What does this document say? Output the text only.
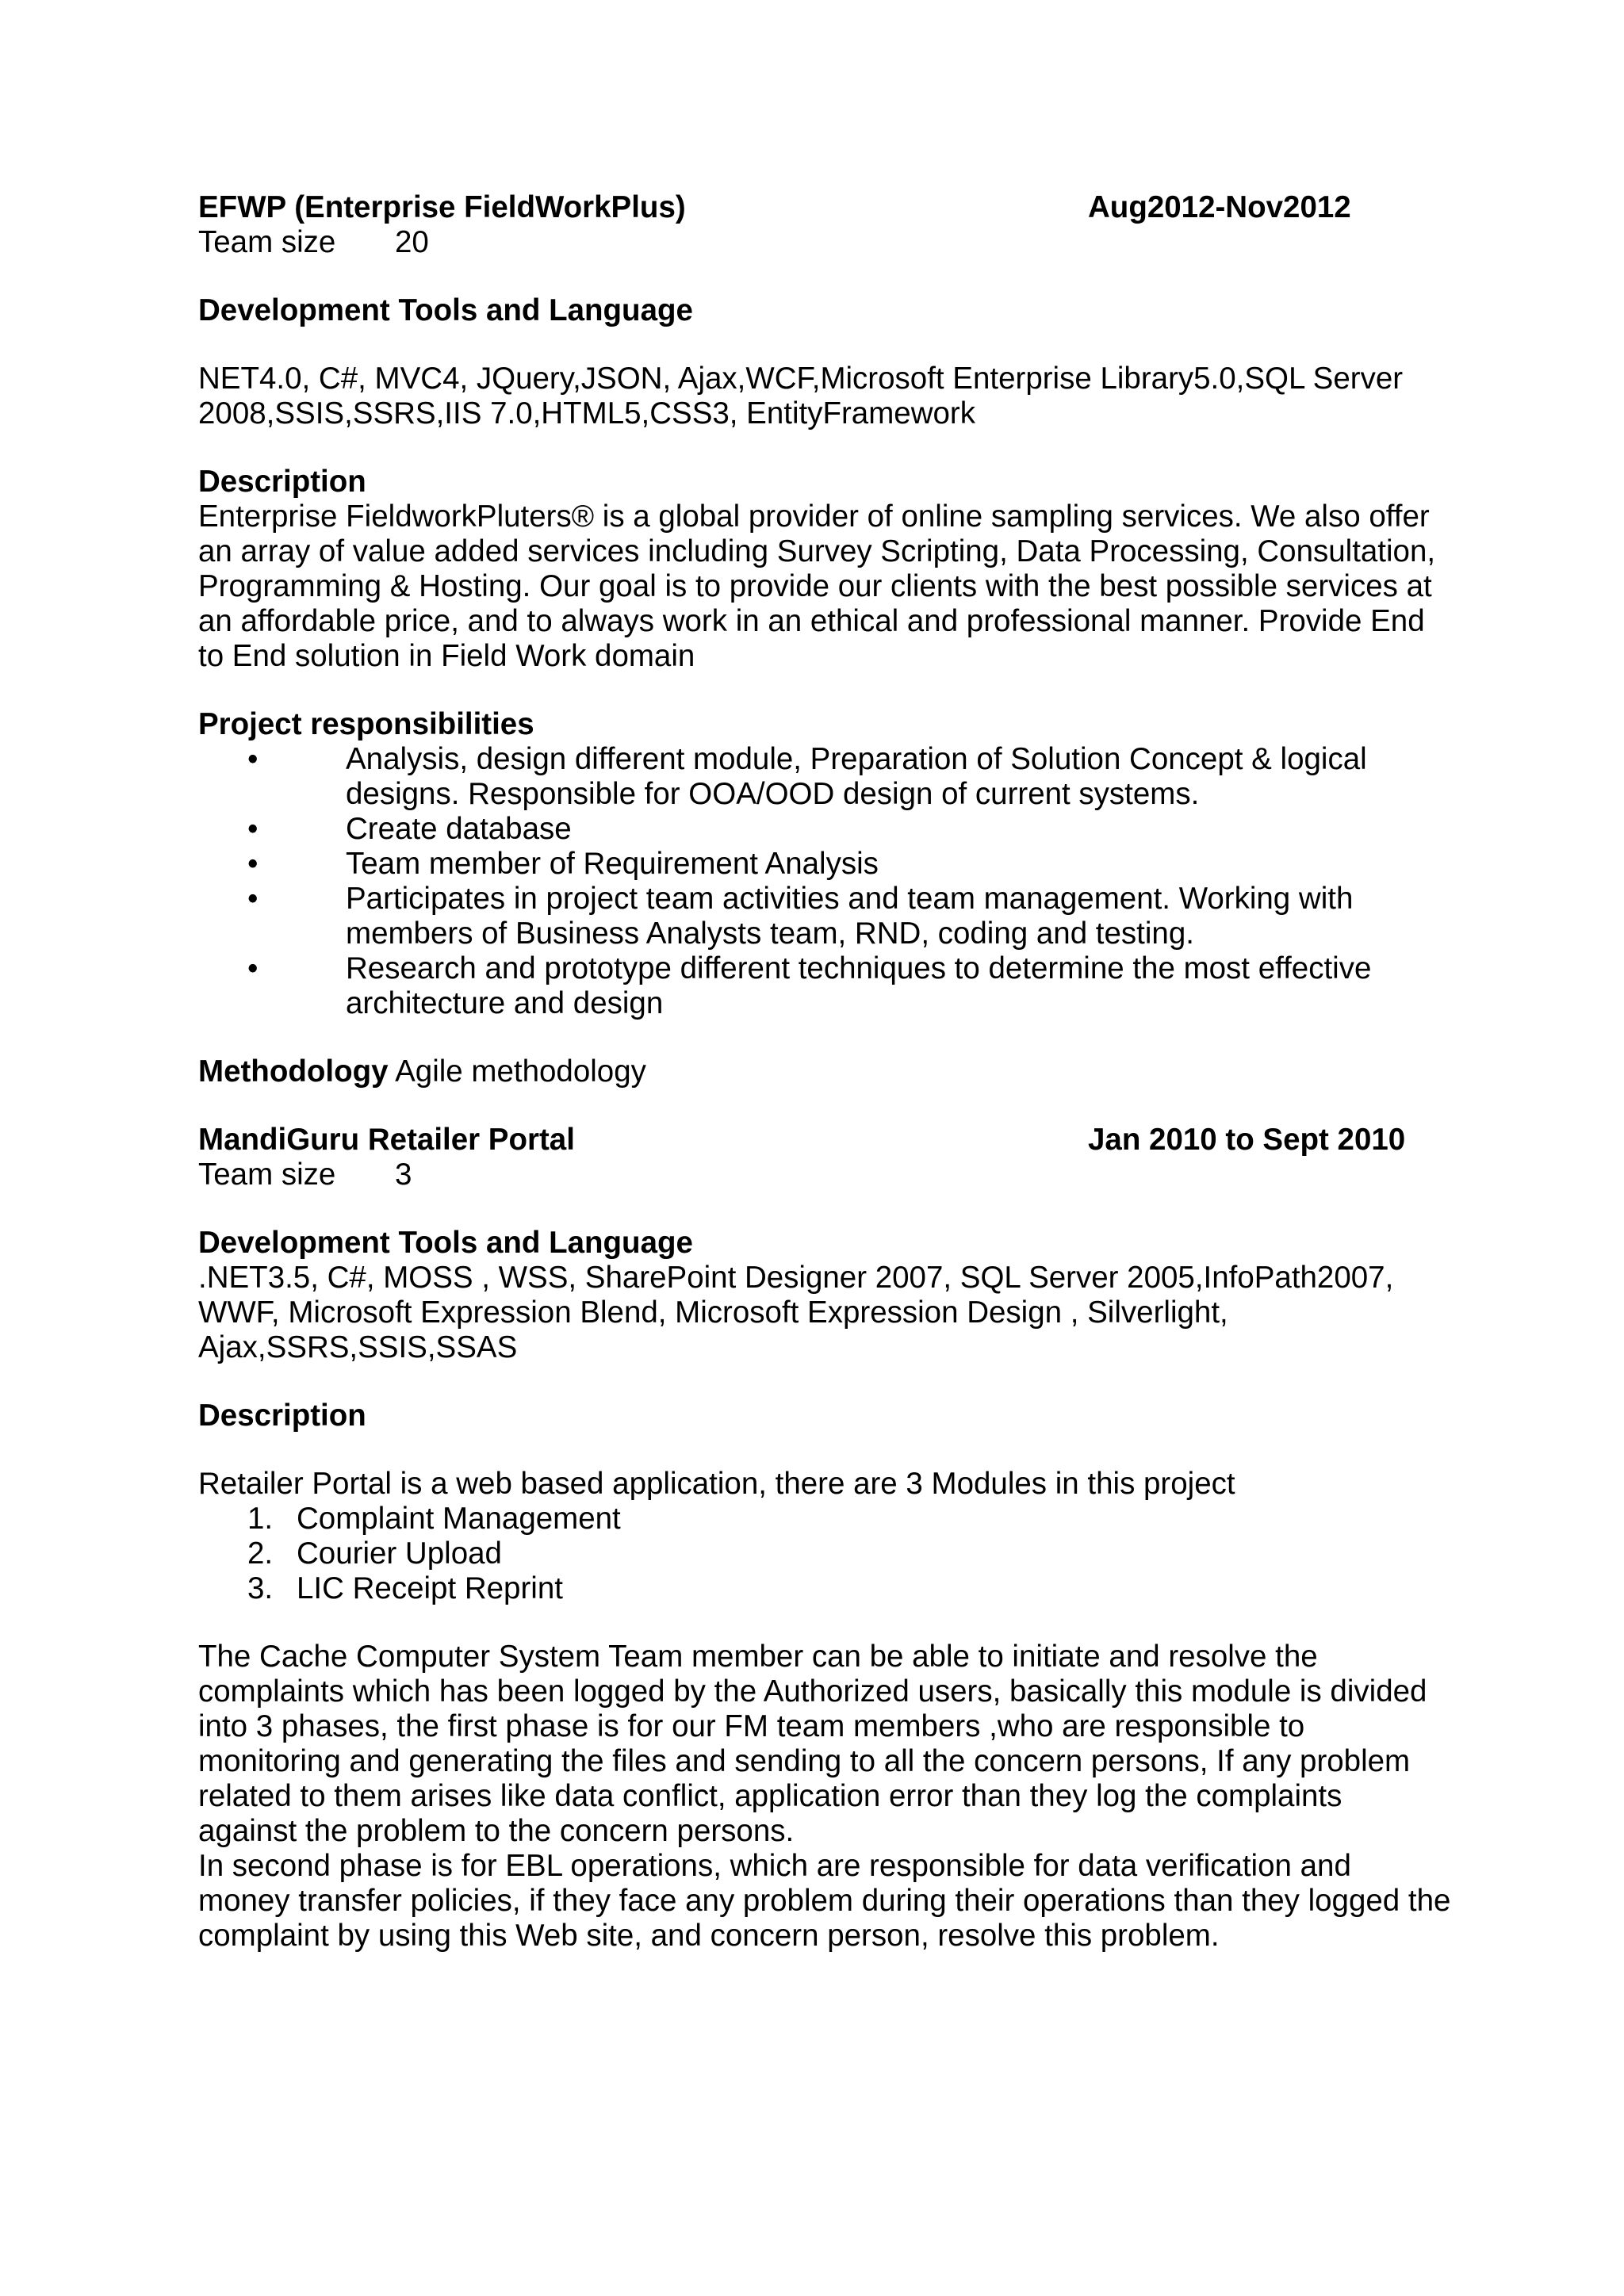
EFWP (Enterprise FieldWorkPlus)	Aug2012-Nov2012
Team size 20
Development Tools and Language
NET4.0, C#, MVC4, JQuery,JSON, Ajax,WCF,Microsoft Enterprise Library5.0,SQL Server
2008,SSIS,SSRS,IIS 7.0,HTML5,CSS3, EntityFramework
Description
Enterprise FieldworkPluters® is a global provider of online sampling services. We also offer
an array of value added services including Survey Scripting, Data Processing, Consultation,
Programming & Hosting. Our goal is to provide our clients with the best possible services at
an affordable price, and to always work in an ethical and professional manner. Provide End
to End solution in Field Work domain
Project responsibilities
•	Analysis, design different module, Preparation of Solution Concept & logical
designs. Responsible for OOA/OOD design of current systems.
•	Create database
•	Team member of Requirement Analysis
•	Participates in project team activities and team management. Working with
members of Business Analysts team, RND, coding and testing.
•	Research and prototype different techniques to determine the most effective
architecture and design
Methodology Agile methodology
MandiGuru Retailer Portal	Jan 2010 to Sept 2010
Team size 3
Development Tools and Language
.NET3.5, C#, MOSS , WSS, SharePoint Designer 2007, SQL Server 2005,InfoPath2007,
WWF, Microsoft Expression Blend, Microsoft Expression Design , Silverlight,
Ajax,SSRS,SSIS,SSAS
Description
Retailer Portal is a web based application, there are 3 Modules in this project
1. Complaint Management
2. Courier Upload
3. LIC Receipt Reprint
The Cache Computer System Team member can be able to initiate and resolve the
complaints which has been logged by the Authorized users, basically this module is divided
into 3 phases, the first phase is for our FM team members ,who are responsible to
monitoring and generating the files and sending to all the concern persons, If any problem
related to them arises like data conflict, application error than they log the complaints
against the problem to the concern persons.
In second phase is for EBL operations, which are responsible for data verification and
money transfer policies, if they face any problem during their operations than they logged the
complaint by using this Web site, and concern person, resolve this problem.
